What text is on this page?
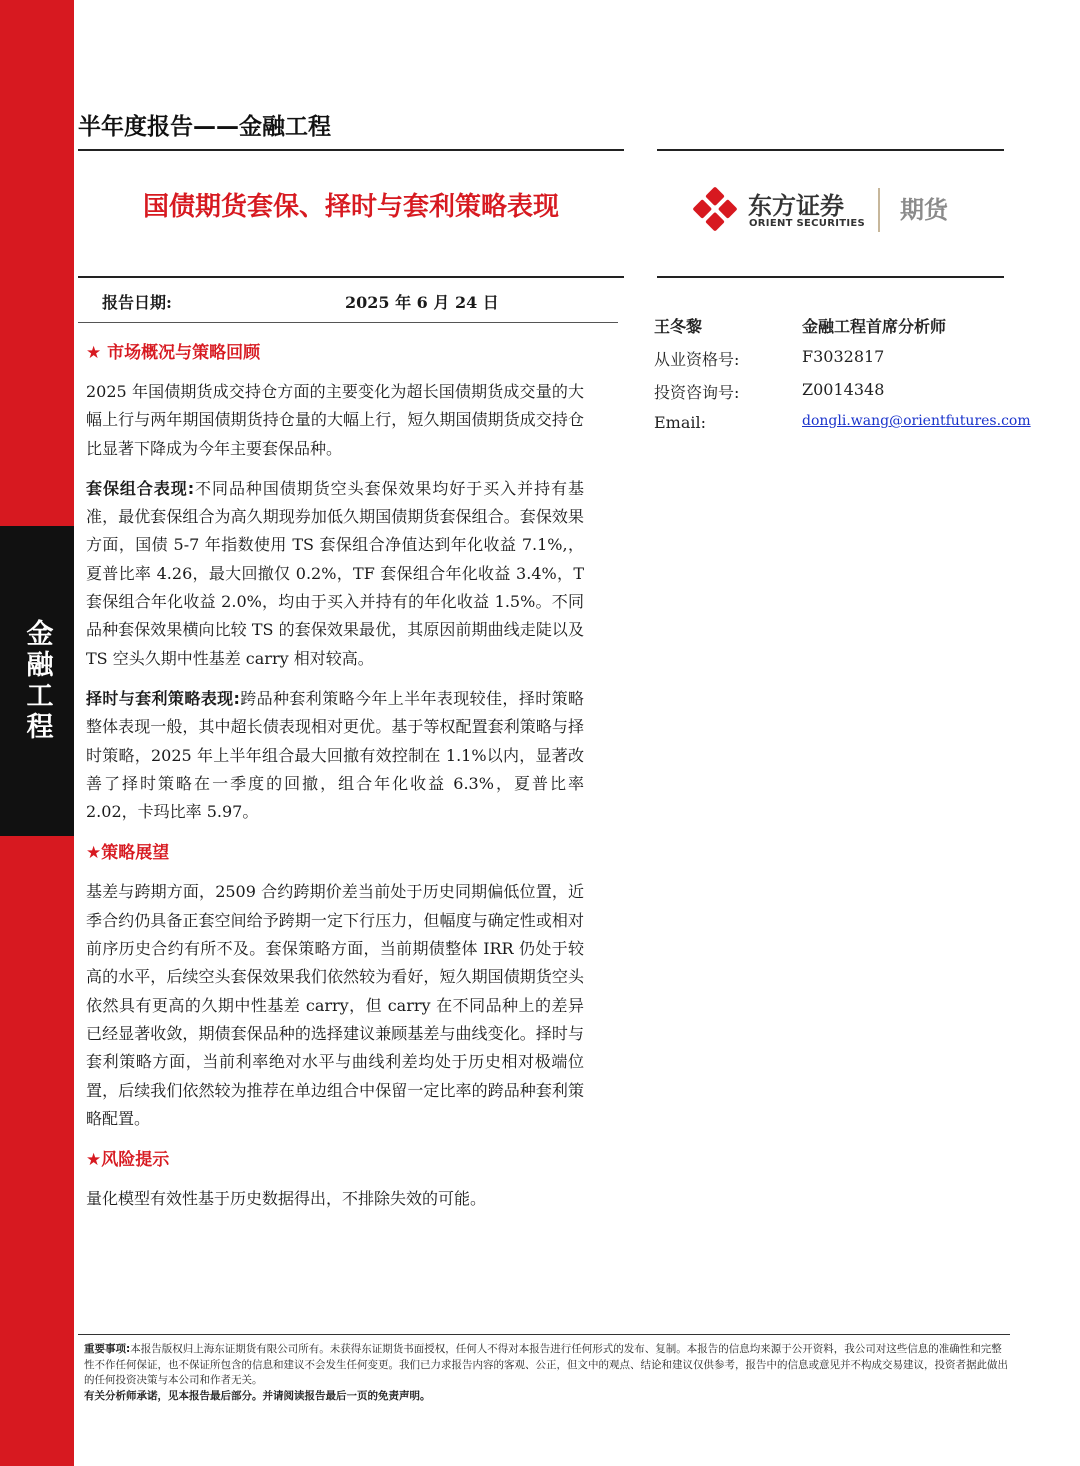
金融工程
半年度报告——金融工程
国债期货套保、择时与套利策略表现	东方证券
ORIENT SECURITIES 期货
报告日期:	2025 年 6 月 24 日
王冬黎	金融工程首席分析师
从业资格号:	F3032817
投资咨询号:	Z0014348
Email:	dongli.wang@orientfutures.com
★ 市场概况与策略回顾

2025 年国债期货成交持仓方面的主要变化为超长国债期货成交量的大幅上行与两年期国债期货持仓量的大幅上行，短久期国债期货成交持仓比显著下降成为今年主要套保品种。

套保组合表现:不同品种国债期货空头套保效果均好于买入并持有基准，最优套保组合为高久期现券加低久期国债期货套保组合。套保效果方面，国债 5-7 年指数使用 TS 套保组合净值达到年化收益 7.1%,，夏普比率 4.26，最大回撤仅 0.2%，TF 套保组合年化收益 3.4%，T 套保组合年化收益 2.0%，均由于买入并持有的年化收益 1.5%。不同品种套保效果横向比较 TS 的套保效果最优，其原因前期曲线走陡以及 TS 空头久期中性基差 carry 相对较高。

择时与套利策略表现:跨品种套利策略今年上半年表现较佳，择时策略整体表现一般，其中超长债表现相对更优。基于等权配置套利策略与择时策略，2025 年上半年组合最大回撤有效控制在 1.1%以内，显著改善了择时策略在一季度的回撤，组合年化收益 6.3%，夏普比率 2.02，卡玛比率 5.97。

★策略展望

基差与跨期方面，2509 合约跨期价差当前处于历史同期偏低位置，近季合约仍具备正套空间给予跨期一定下行压力，但幅度与确定性或相对前序历史合约有所不及。套保策略方面，当前期债整体 IRR 仍处于较高的水平，后续空头套保效果我们依然较为看好，短久期国债期货空头依然具有更高的久期中性基差 carry，但 carry 在不同品种上的差异已经显著收敛，期债套保品种的选择建议兼顾基差与曲线变化。择时与套利策略方面，当前利率绝对水平与曲线利差均处于历史相对极端位置，后续我们依然较为推荐在单边组合中保留一定比率的跨品种套利策略配置。

★风险提示

量化模型有效性基于历史数据得出，不排除失效的可能。

重要事项:本报告版权归上海东证期货有限公司所有。未获得东证期货书面授权，任何人不得对本报告进行任何形式的发布、复制。本报告的信息均来源于公开资料，我公司对这些信息的准确性和完整性不作任何保证，也不保证所包含的信息和建议不会发生任何变更。我们已力求报告内容的客观、公正，但文中的观点、结论和建议仅供参考，报告中的信息或意见并不构成交易建议，投资者据此做出的任何投资决策与本公司和作者无关。
有关分析师承诺，见本报告最后部分。并请阅读报告最后一页的免责声明。
